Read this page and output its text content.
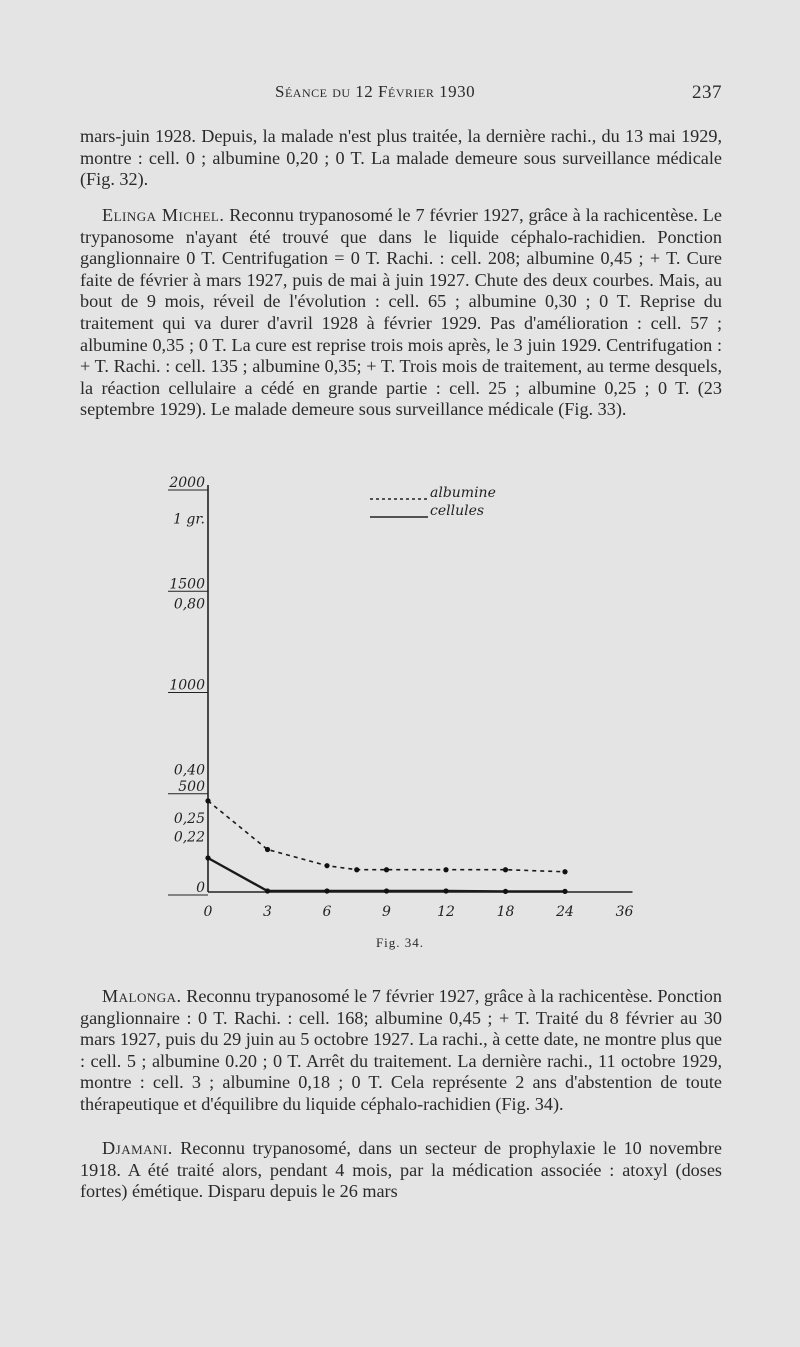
Séance du 12 Février 1930	237

mars-juin 1928. Depuis, la malade n'est plus traitée, la dernière rachi., du 13 mai 1929, montre : cell. 0 ; albumine 0,20 ; 0 T. La malade demeure sous surveillance médicale (Fig. 32).

Elinga Michel. Reconnu trypanosomé le 7 février 1927, grâce à la rachicentèse. Le trypanosome n'ayant été trouvé que dans le liquide céphalo-rachidien. Ponction ganglionnaire 0 T. Centrifugation = 0 T. Rachi. : cell. 208; albumine 0,45 ; + T. Cure faite de février à mars 1927, puis de mai à juin 1927. Chute des deux courbes. Mais, au bout de 9 mois, réveil de l'évolution : cell. 65 ; albumine 0,30 ; 0 T. Reprise du traitement qui va durer d'avril 1928 à février 1929. Pas d'amélioration : cell. 57 ; albumine 0,35 ; 0 T. La cure est reprise trois mois après, le 3 juin 1929. Centrifugation : + T. Rachi. : cell. 135 ; albumine 0,35; + T. Trois mois de traitement, au terme desquels, la réaction cellulaire a cédé en grande partie : cell. 25 ; albumine 0,25 ; 0 T. (23 septembre 1929). Le malade demeure sous surveillance médicale (Fig. 33).

2000
1500
1000
500
0
1 gr.
0,80
0,40
0,25
0,22
0	3	6	9	12	18	24	36
albumine
cellules
Fig. 34.

Malonga. Reconnu trypanosomé le 7 février 1927, grâce à la rachicentèse. Ponction ganglionnaire : 0 T. Rachi. : cell. 168; albumine 0,45 ; + T. Traité du 8 février au 30 mars 1927, puis du 29 juin au 5 octobre 1927. La rachi., à cette date, ne montre plus que : cell. 5 ; albumine 0.20 ; 0 T. Arrêt du traitement. La dernière rachi., 11 octobre 1929, montre : cell. 3 ; albumine 0,18 ; 0 T. Cela représente 2 ans d'abstention de toute thérapeutique et d'équilibre du liquide céphalo-rachidien (Fig. 34).

Djamani. Reconnu trypanosomé, dans un secteur de prophylaxie le 10 novembre 1918. A été traité alors, pendant 4 mois, par la médication associée : atoxyl (doses fortes) émétique. Disparu depuis le 26 mars
